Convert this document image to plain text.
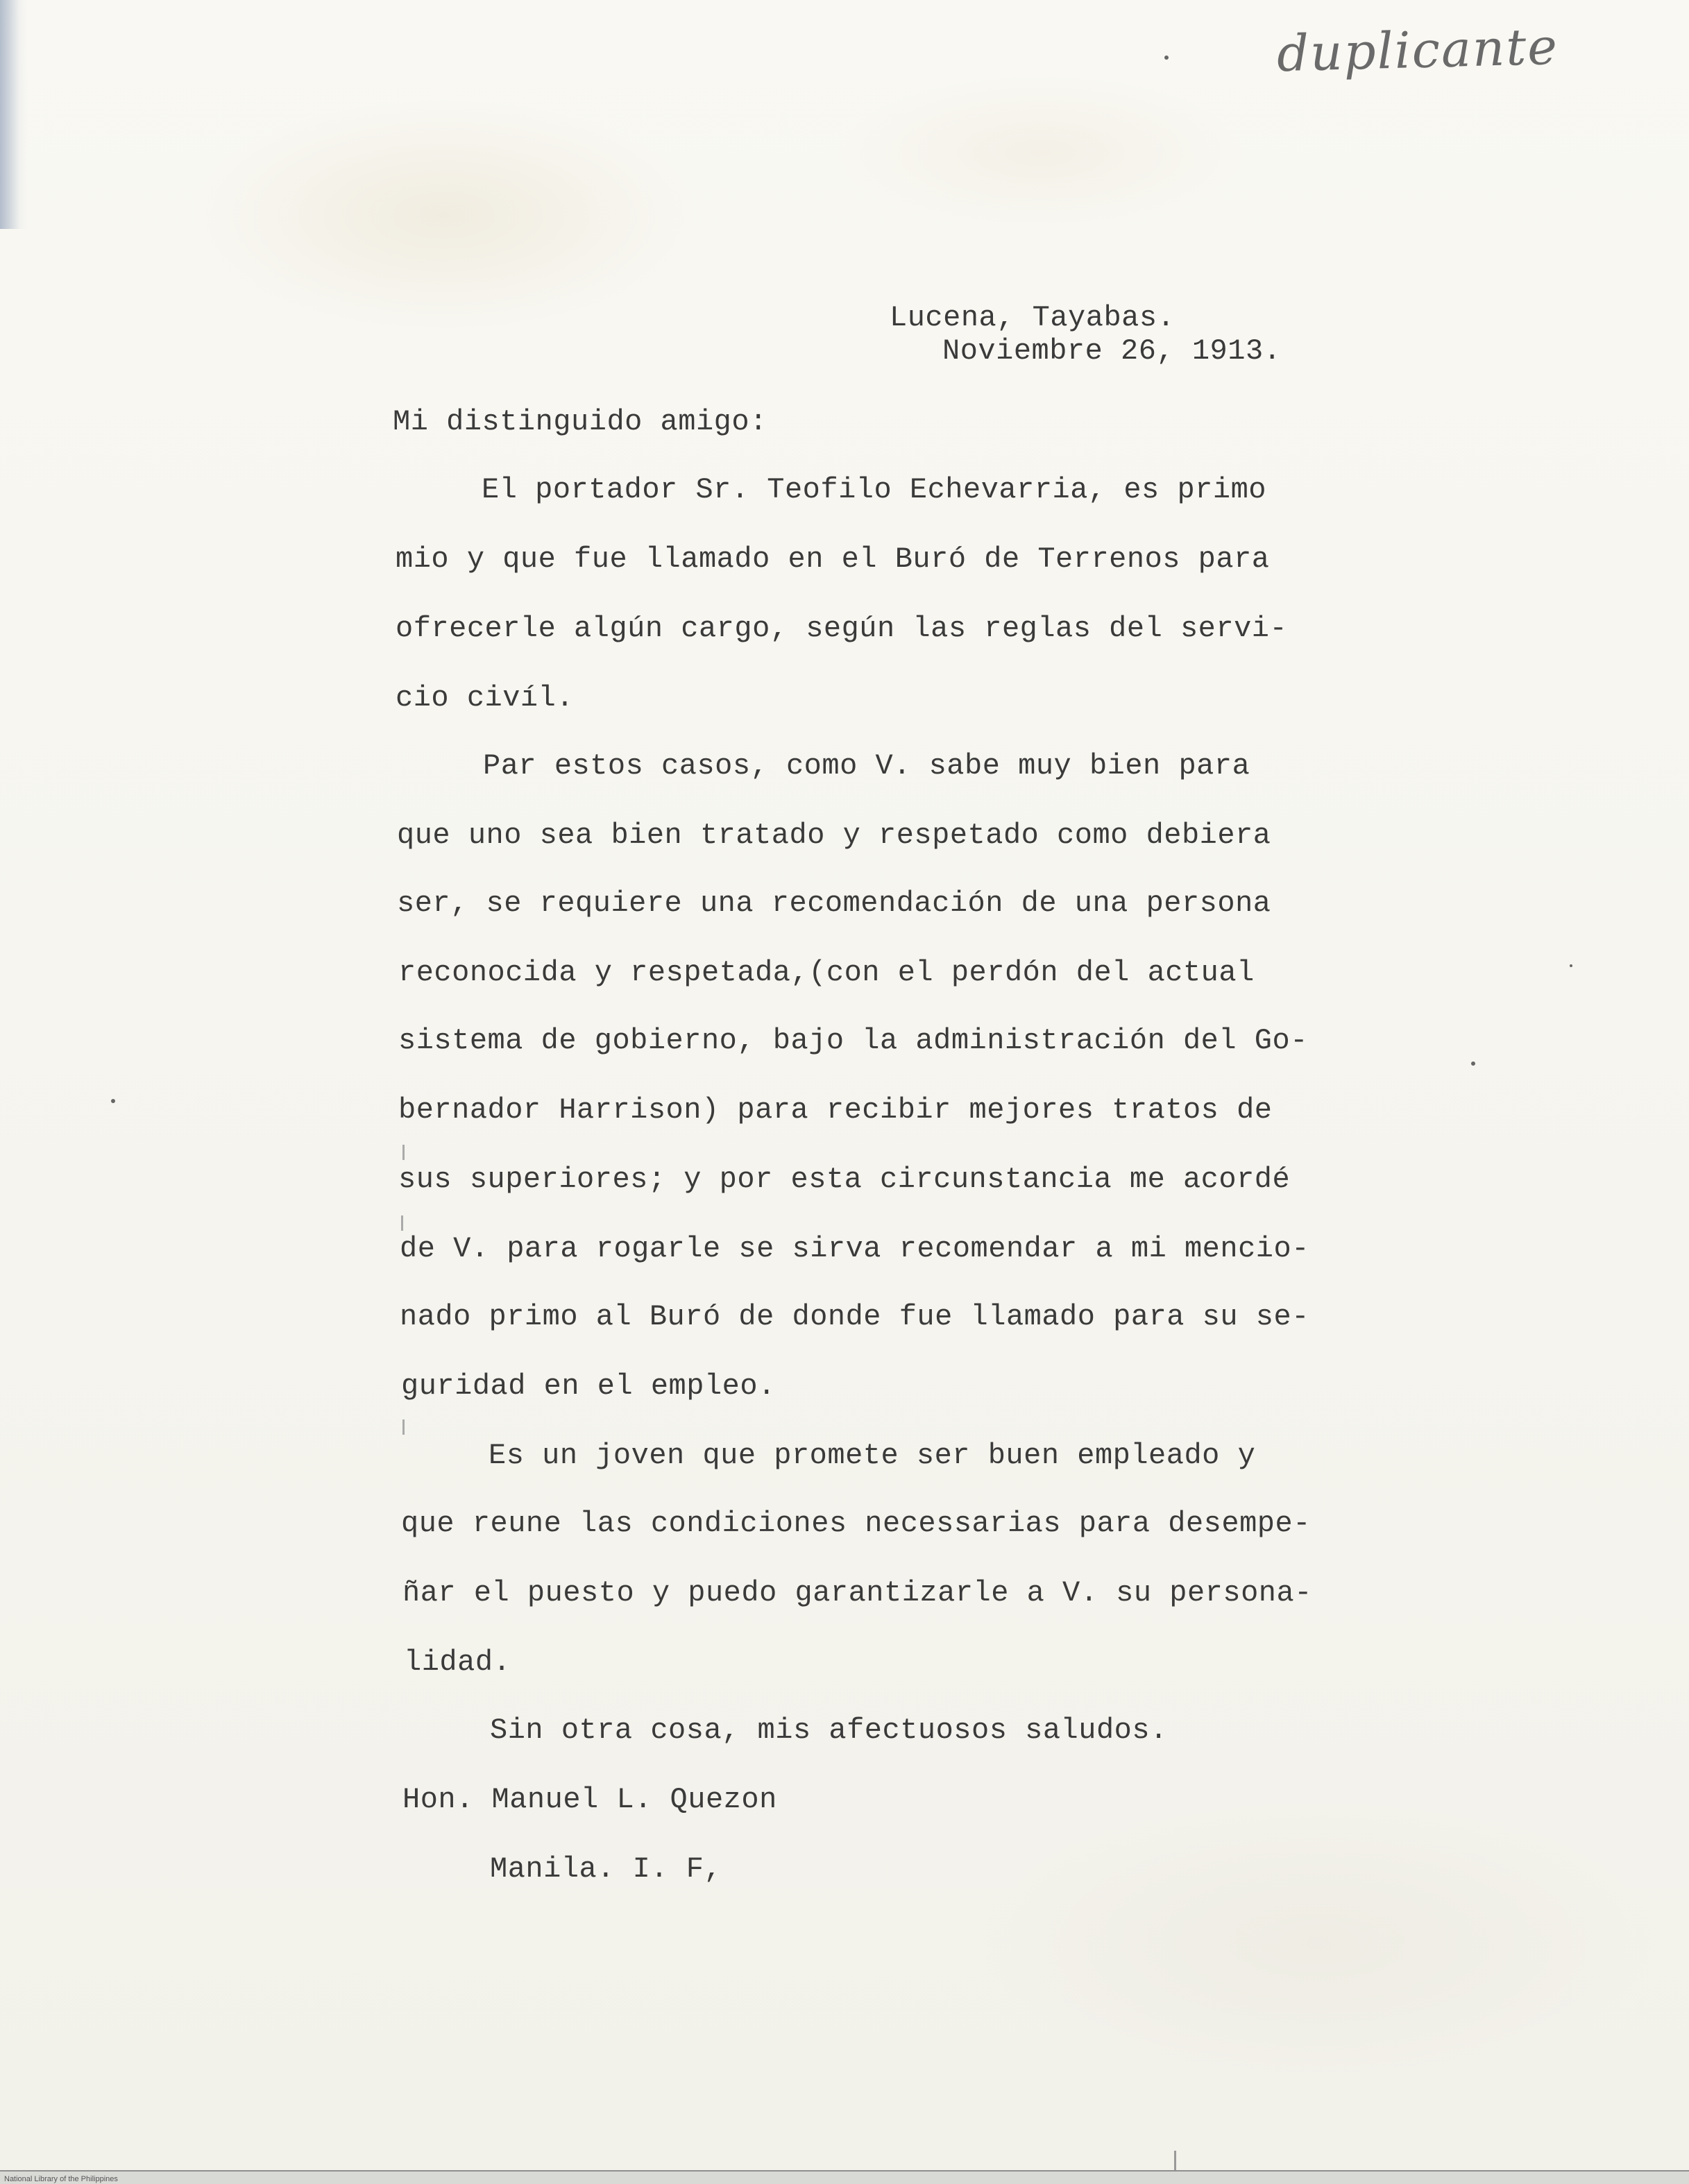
duplicante
Lucena, Tayabas.
Noviembre 26, 1913.
Mi distinguido amigo:
El portador Sr. Teofilo Echevarria, es primo
mio y que fue llamado en el Buró de Terrenos para
ofrecerle algún cargo, según las reglas del servi-
cio civíl.
Par estos casos, como V. sabe muy bien para
que uno sea bien tratado y respetado como debiera
ser, se requiere una recomendación de una persona
reconocida y respetada,(con el perdón del actual
sistema de gobierno, bajo la administración del Go-
bernador Harrison) para recibir mejores tratos de
sus superiores; y por esta circunstancia me acordé
de V. para rogarle se sirva recomendar a mi mencio-
nado primo al Buró de donde fue llamado para su se-
guridad en el empleo.
Es un joven que promete ser buen empleado y
que reune las condiciones necessarias para desempe-
ñar el puesto y puedo garantizarle a V. su persona-
lidad.
Sin otra cosa, mis afectuosos saludos.
Hon. Manuel L. Quezon
Manila. I. F,
National Library of the Philippines
